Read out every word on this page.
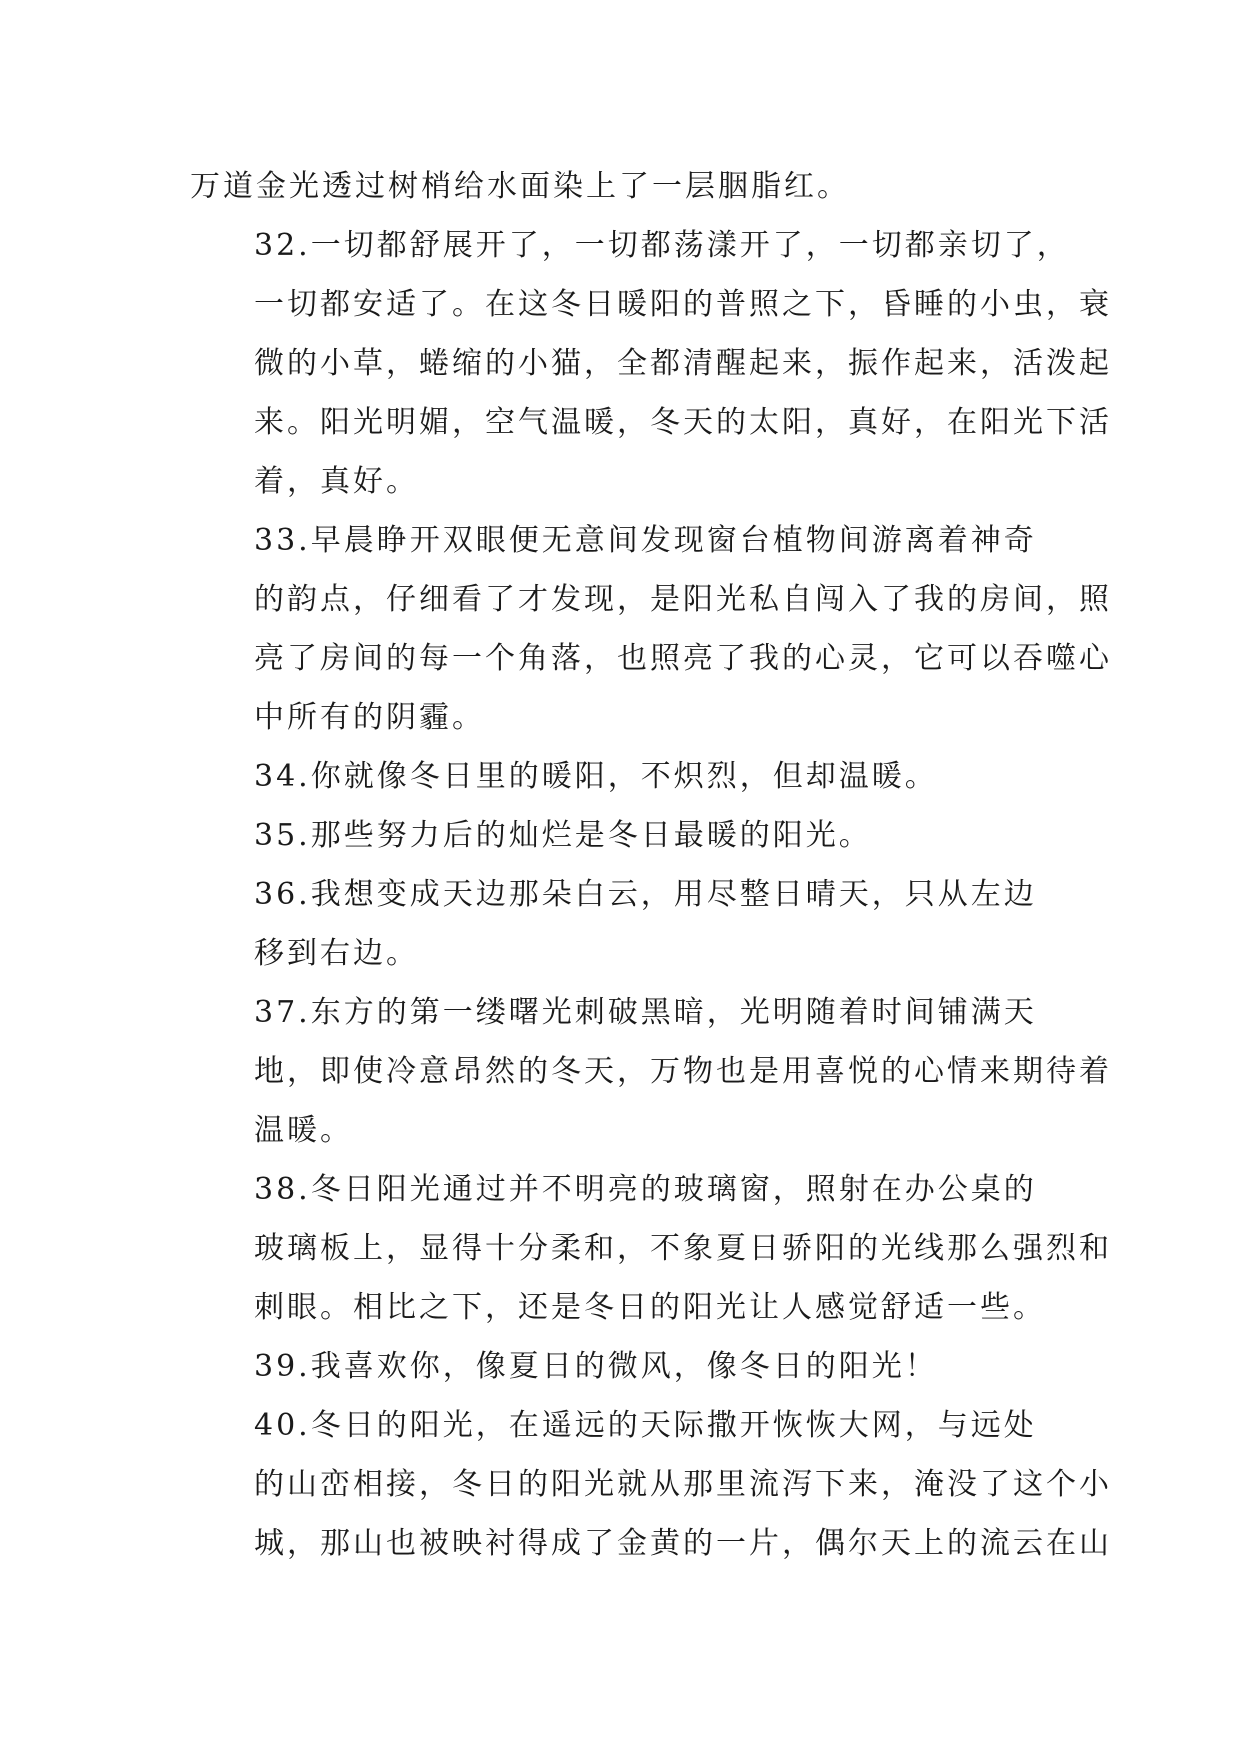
万道金光透过树梢给水面染上了一层胭脂红。

32.一切都舒展开了，一切都荡漾开了，一切都亲切了，
一切都安适了。在这冬日暖阳的普照之下，昏睡的小虫，衰
微的小草，蜷缩的小猫，全都清醒起来，振作起来，活泼起
来。阳光明媚，空气温暖，冬天的太阳，真好，在阳光下活
着，真好。

33.早晨睁开双眼便无意间发现窗台植物间游离着神奇
的韵点，仔细看了才发现，是阳光私自闯入了我的房间，照
亮了房间的每一个角落，也照亮了我的心灵，它可以吞噬心
中所有的阴霾。

34.你就像冬日里的暖阳，不炽烈，但却温暖。

35.那些努力后的灿烂是冬日最暖的阳光。

36.我想变成天边那朵白云，用尽整日晴天，只从左边
移到右边。

37.东方的第一缕曙光刺破黑暗，光明随着时间铺满天
地，即使冷意昂然的冬天，万物也是用喜悦的心情来期待着
温暖。

38.冬日阳光通过并不明亮的玻璃窗，照射在办公桌的
玻璃板上，显得十分柔和，不象夏日骄阳的光线那么强烈和
刺眼。相比之下，还是冬日的阳光让人感觉舒适一些。

39.我喜欢你，像夏日的微风，像冬日的阳光！

40.冬日的阳光，在遥远的天际撒开恢恢大网，与远处
的山峦相接，冬日的阳光就从那里流泻下来，淹没了这个小
城，那山也被映衬得成了金黄的一片，偶尔天上的流云在山
